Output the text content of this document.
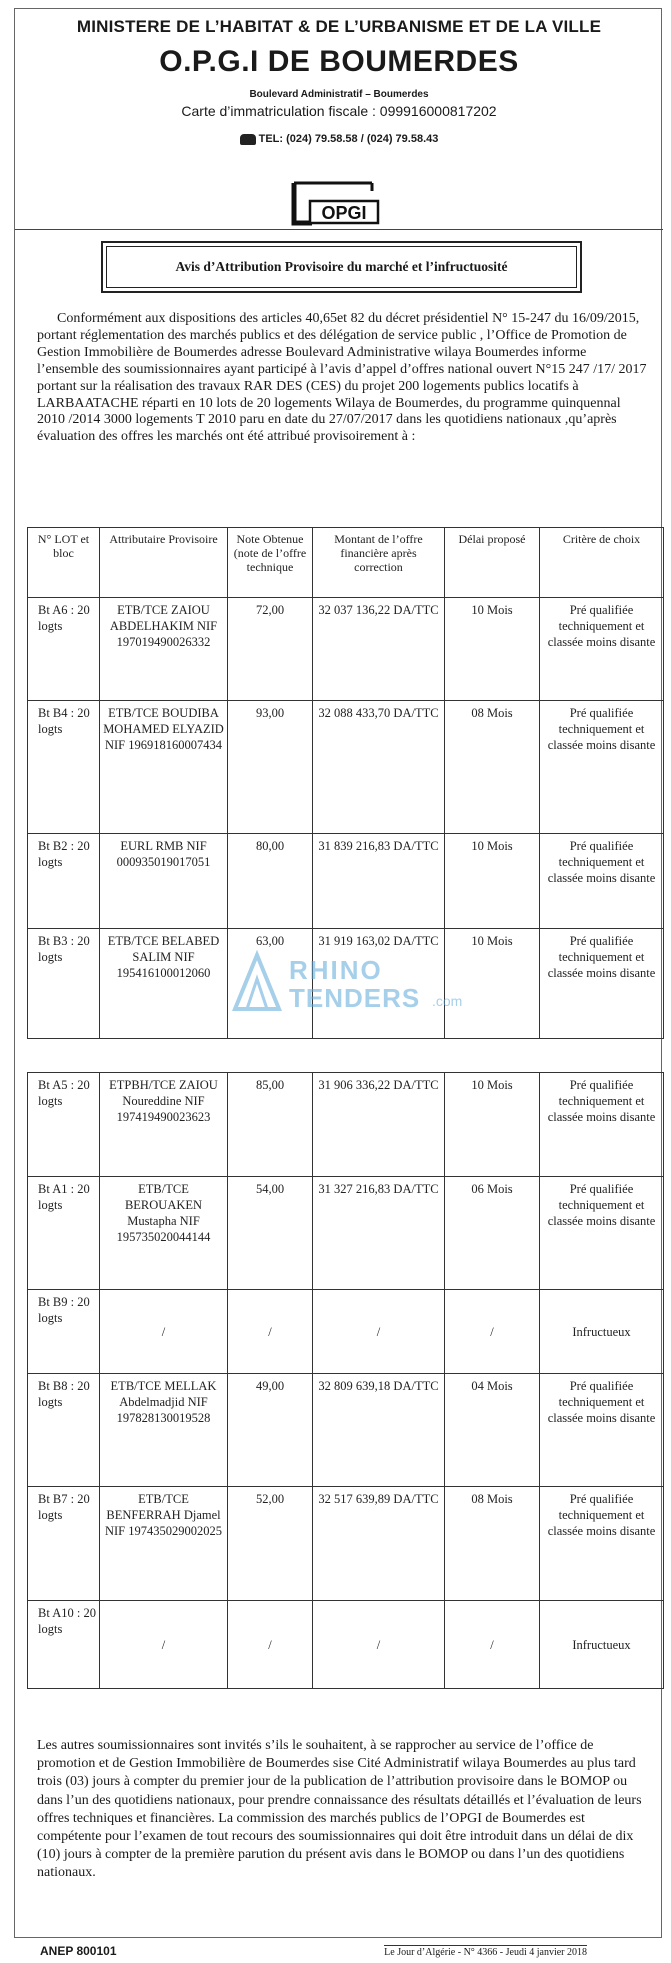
MINISTERE DE L’HABITAT & DE L’URBANISME ET DE LA VILLE
O.P.G.I DE BOUMERDES
Boulevard Administratif – Boumerdes
Carte d’immatriculation fiscale : 099916000817202
TEL: (024) 79.58.58 / (024) 79.58.43
OPGI
Avis d’Attribution Provisoire du marché et l’infructuosité

Conformément aux dispositions des articles 40,65et 82 du décret présidentiel N° 15-247 du 16/09/2015, portant réglementation des marchés publics et des délégation de service public , l’Office de Promotion de Gestion Immobilière de Boumerdes adresse Boulevard Administrative wilaya Boumerdes informe l’ensemble des soumissionnaires ayant participé à l’avis d’appel d’offres national ouvert N°15 247 /17/ 2017 portant sur la réalisation des travaux RAR DES (CES) du projet 200 logements publics locatifs à LARBAATACHE réparti en 10 lots de 20 logements Wilaya de Boumerdes, du programme quinquennal 2010 /2014 3000 logements T 2010 paru en date du 27/07/2017 dans les quotidiens nationaux ,qu’après évaluation des offres les marchés ont été attribué provisoirement à :

N° LOT et bloc	Attributaire Provisoire	Note Obtenue (note de l’offre technique	Montant de l’offre financière après correction	Délai proposé	Critère de choix
Bt A6 : 20 logts	ETB/TCE ZAIOU ABDELHAKIM NIF 197019490026332	72,00	32 037 136,22 DA/TTC	10 Mois	Pré qualifiée techniquement et classée moins disante
Bt B4 : 20 logts	ETB/TCE BOUDIBA MOHAMED ELYAZID NIF 196918160007434	93,00	32 088 433,70 DA/TTC	08 Mois	Pré qualifiée techniquement et classée moins disante
Bt B2 : 20 logts	EURL RMB NIF 000935019017051	80,00	31 839 216,83 DA/TTC	10 Mois	Pré qualifiée techniquement et classée moins disante
Bt B3 : 20 logts	ETB/TCE BELABED SALIM NIF 195416100012060	63,00	31 919 163,02 DA/TTC	10 Mois	Pré qualifiée techniquement et classée moins disante
Bt A5 : 20 logts	ETPBH/TCE ZAIOU Noureddine NIF 197419490023623	85,00	31 906 336,22 DA/TTC	10 Mois	Pré qualifiée techniquement et classée moins disante
Bt A1 : 20 logts	ETB/TCE BEROUAKEN Mustapha NIF 195735020044144	54,00	31 327 216,83 DA/TTC	06 Mois	Pré qualifiée techniquement et classée moins disante
Bt B9 : 20 logts	/	/	/	/	Infructueux
Bt B8 : 20 logts	ETB/TCE MELLAK Abdelmadjid NIF 197828130019528	49,00	32 809 639,18 DA/TTC	04 Mois	Pré qualifiée techniquement et classée moins disante
Bt B7 : 20 logts	ETB/TCE BENFERRAH Djamel NIF 197435029002025	52,00	32 517 639,89 DA/TTC	08 Mois	Pré qualifiée techniquement et classée moins disante
Bt A10 : 20 logts	/	/	/	/	Infructueux
RHINO
TENDERS .com
Les autres soumissionnaires sont invités s’ils le souhaitent, à se rapprocher au service de l’office de promotion et de Gestion Immobilière de Boumerdes sise Cité Administratif wilaya Boumerdes au plus tard trois (03) jours à compter du premier jour de la publication de l’attribution provisoire dans le BOMOP ou dans l’un des quotidiens nationaux, pour prendre connaissance des résultats détaillés et l’évaluation de leurs offres techniques et financières. La commission des marchés publics de l’OPGI de Boumerdes est compétente pour l’examen de tout recours des soumissionnaires qui doit être introduit dans un délai de dix (10) jours à compter de la première parution du présent avis dans le BOMOP ou dans l’un des quotidiens nationaux.
ANEP 800101	Le Jour d’Algérie - N° 4366 - Jeudi 4 janvier 2018
